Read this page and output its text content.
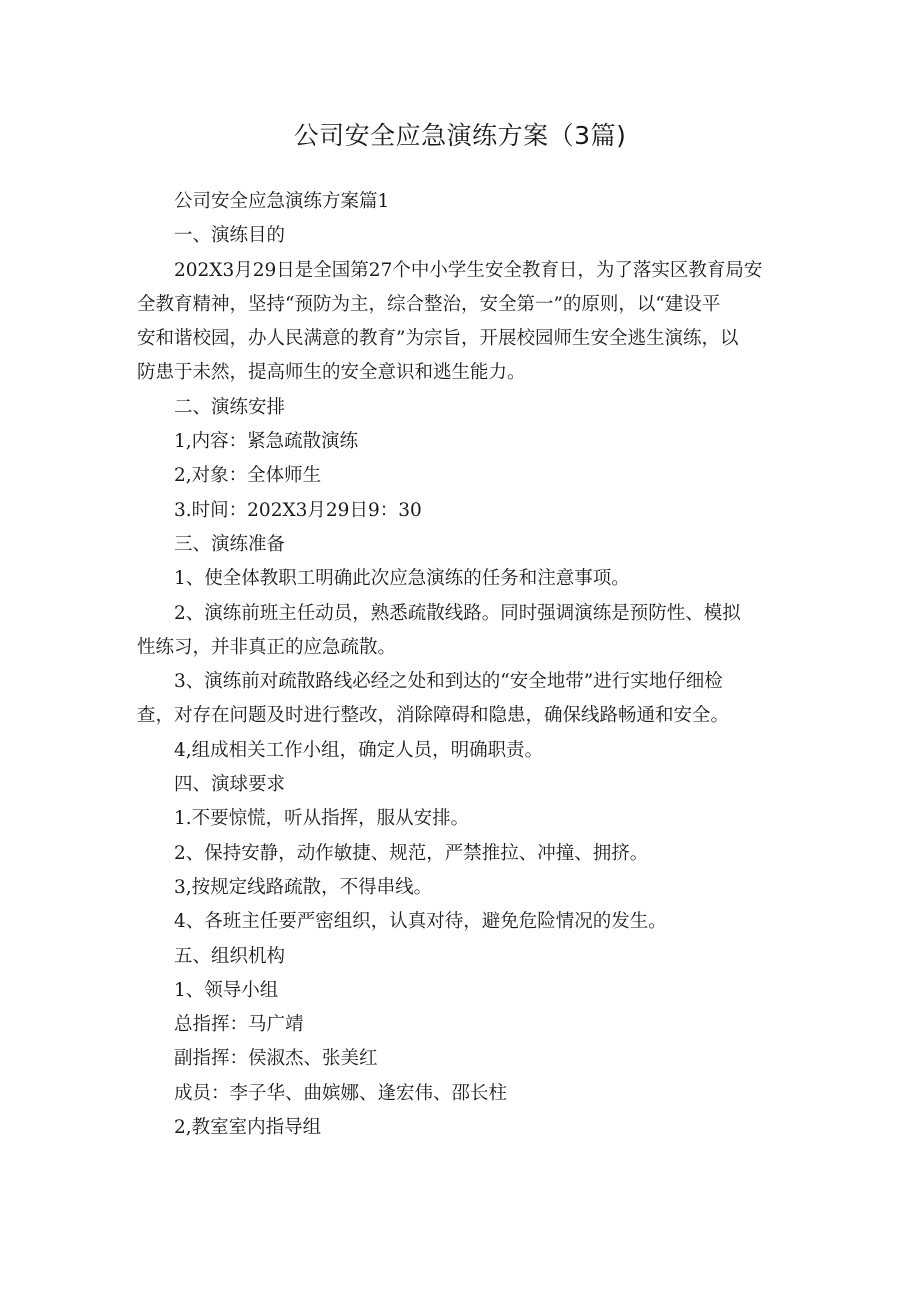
公司安全应急演练方案（3篇)
公司安全应急演练方案篇1
一、演练目的
202X3月29日是全国第27个中小学生安全教育日，为了落实区教育局安
全教育精神，坚持“预防为主，综合整治，安全第一”的原则，以“建设平
安和谐校园，办人民满意的教育”为宗旨，开展校园师生安全逃生演练，以
防患于未然，提高师生的安全意识和逃生能力。
二、演练安排
1,内容：紧急疏散演练
2,对象：全体师生
3.时间：202X3月29日9：30
三、演练准备
1、使全体教职工明确此次应急演练的任务和注意事项。
2、演练前班主任动员，熟悉疏散线路。同时强调演练是预防性、模拟
性练习，并非真正的应急疏散。
3、演练前对疏散路线必经之处和到达的“安全地带”进行实地仔细检
查，对存在问题及时进行整改，消除障碍和隐患，确保线路畅通和安全。
4,组成相关工作小组，确定人员，明确职责。
四、演球要求
1.不要惊慌，听从指挥，服从安排。
2、保持安静，动作敏捷、规范，严禁推拉、冲撞、拥挤。
3,按规定线路疏散，不得串线。
4、各班主任要严密组织，认真对待，避免危险情况的发生。
五、组织机构
1、领导小组
总指挥：马广靖
副指挥：侯淑杰、张美红
成员：李子华、曲嫔娜、逢宏伟、邵长柱
2,教室室内指导组
